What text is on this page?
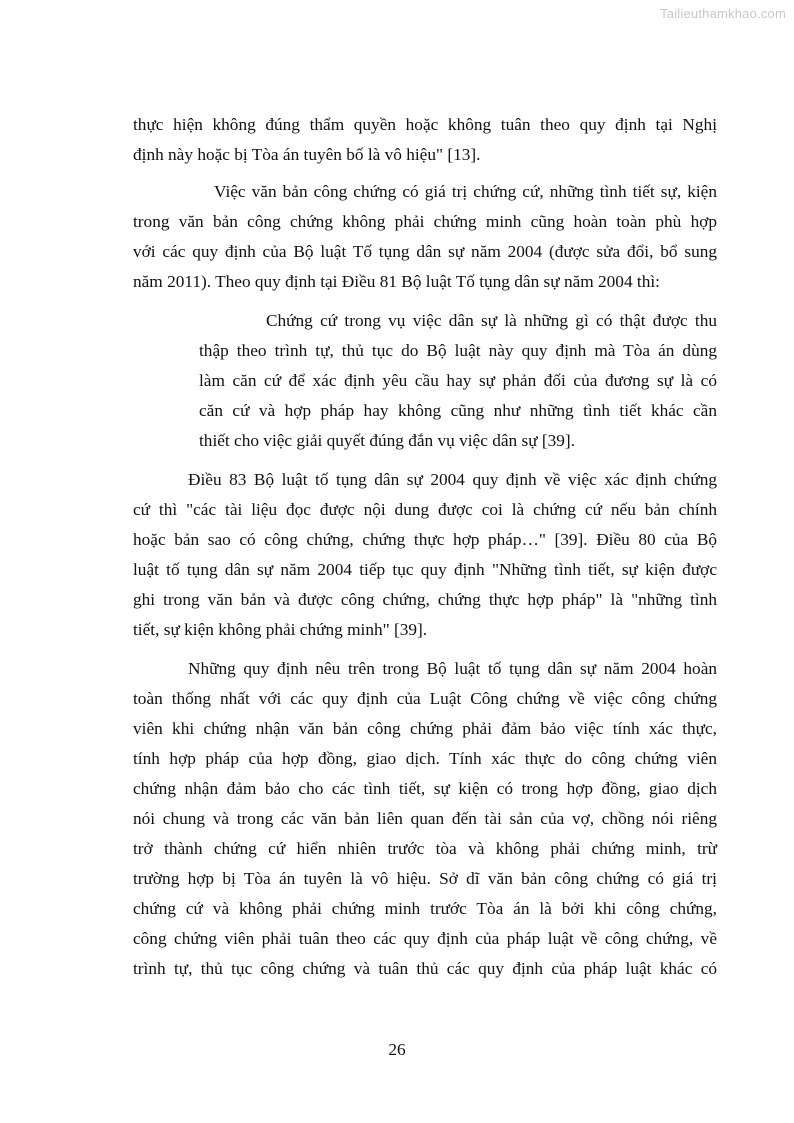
Tailieuthamkhao.com
thực hiện không đúng thẩm quyền hoặc không tuân theo quy định tại Nghị
định này hoặc bị Tòa án tuyên bố là vô hiệu" [13].
Việc văn bản công chứng có giá trị chứng cứ, những tình tiết sự, kiện
trong văn bản công chứng không phải chứng minh cũng hoàn toàn phù hợp
với các quy định của Bộ luật Tố tụng dân sự năm 2004 (được sửa đổi, bổ sung
năm 2011). Theo quy định tại Điều 81 Bộ luật Tố tụng dân sự năm 2004 thì:
Chứng cứ trong vụ việc dân sự là những gì có thật được thu
thập theo trình tự, thủ tục do Bộ luật này quy định mà Tòa án dùng
làm căn cứ để xác định yêu cầu hay sự phản đối của đương sự là có
căn cứ và hợp pháp hay không cũng như những tình tiết khác cần
thiết cho việc giải quyết đúng đắn vụ việc dân sự [39].
Điều 83 Bộ luật tố tụng dân sự 2004 quy định về việc xác định chứng
cứ thì "các tài liệu đọc được nội dung được coi là chứng cứ nếu bản chính
hoặc bản sao có công chứng, chứng thực hợp pháp…" [39]. Điều 80 của Bộ
luật tố tụng dân sự năm 2004 tiếp tục quy định "Những tình tiết, sự kiện được
ghi trong văn bản và được công chứng, chứng thực hợp pháp" là "những tình
tiết, sự kiện không phải chứng minh" [39].
Những quy định nêu trên trong Bộ luật tố tụng dân sự năm 2004 hoàn
toàn thống nhất với các quy định của Luật Công chứng về việc công chứng
viên khi chứng nhận văn bản công chứng phải đảm bảo việc tính xác thực,
tính hợp pháp của hợp đồng, giao dịch. Tính xác thực do công chứng viên
chứng nhận đảm bảo cho các tình tiết, sự kiện có trong hợp đồng, giao dịch
nói chung và trong các văn bản liên quan đến tài sản của vợ, chồng nói riêng
trở thành chứng cứ hiển nhiên trước tòa và không phải chứng minh, trừ
trường hợp bị Tòa án tuyên là vô hiệu. Sở dĩ văn bản công chứng có giá trị
chứng cứ và không phải chứng minh trước Tòa án là bởi khi công chứng,
công chứng viên phải tuân theo các quy định của pháp luật về công chứng, về
trình tự, thủ tục công chứng và tuân thủ các quy định của pháp luật khác có
26
